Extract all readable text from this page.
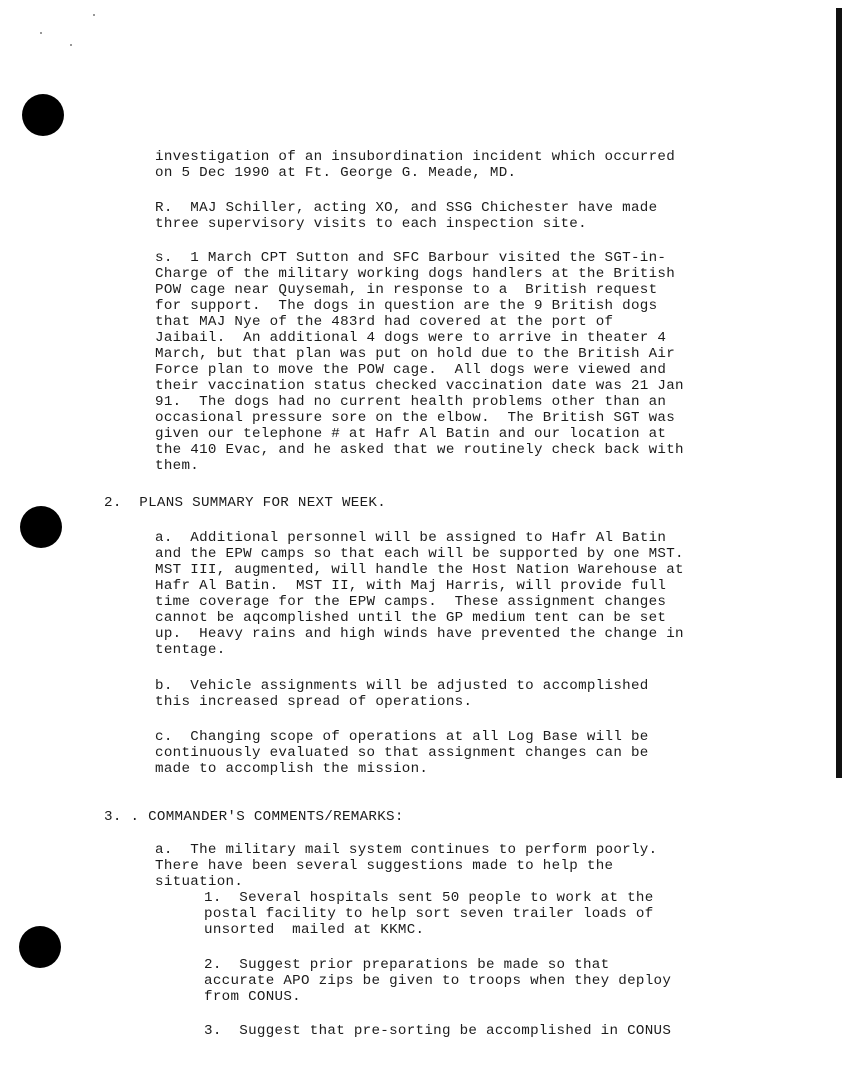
investigation of an insubordination incident which occurred
on 5 Dec 1990 at Ft. George G. Meade, MD.
R.  MAJ Schiller, acting XO, and SSG Chichester have made
three supervisory visits to each inspection site.
s.  1 March CPT Sutton and SFC Barbour visited the SGT-in-
Charge of the military working dogs handlers at the British
POW cage near Quysemah, in response to a  British request
for support.  The dogs in question are the 9 British dogs
that MAJ Nye of the 483rd had covered at the port of
Jaibail.  An additional 4 dogs were to arrive in theater 4
March, but that plan was put on hold due to the British Air
Force plan to move the POW cage.  All dogs were viewed and
their vaccination status checked vaccination date was 21 Jan
91.  The dogs had no current health problems other than an
occasional pressure sore on the elbow.  The British SGT was
given our telephone # at Hafr Al Batin and our location at
the 410 Evac, and he asked that we routinely check back with
them.
2.  PLANS SUMMARY FOR NEXT WEEK.
a.  Additional personnel will be assigned to Hafr Al Batin
and the EPW camps so that each will be supported by one MST.
MST III, augmented, will handle the Host Nation Warehouse at
Hafr Al Batin.  MST II, with Maj Harris, will provide full
time coverage for the EPW camps.  These assignment changes
cannot be aqcomplished until the GP medium tent can be set
up.  Heavy rains and high winds have prevented the change in
tentage.
b.  Vehicle assignments will be adjusted to accomplished
this increased spread of operations.
c.  Changing scope of operations at all Log Base will be
continuously evaluated so that assignment changes can be
made to accomplish the mission.
3. . COMMANDER'S COMMENTS/REMARKS:
a.  The military mail system continues to perform poorly.
There have been several suggestions made to help the
situation.
1.  Several hospitals sent 50 people to work at the
postal facility to help sort seven trailer loads of
unsorted  mailed at KKMC.
2.  Suggest prior preparations be made so that
accurate APO zips be given to troops when they deploy
from CONUS.
3.  Suggest that pre-sorting be accomplished in CONUS
